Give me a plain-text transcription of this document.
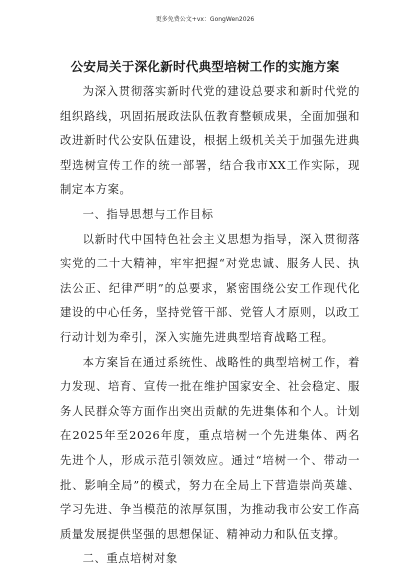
更多免费公文+vx：GongWen2026
公安局关于深化新时代典型培树工作的实施方案

为深入贯彻落实新时代党的建设总要求和新时代党的组织路线，巩固拓展政法队伍教育整顿成果，全面加强和改进新时代公安队伍建设，根据上级机关关于加强先进典型选树宣传工作的统一部署，结合我市XX工作实际，现制定本方案。

一、指导思想与工作目标

以新时代中国特色社会主义思想为指导，深入贯彻落实党的二十大精神，牢牢把握“对党忠诚、服务人民、执法公正、纪律严明”的总要求，紧密围绕公安工作现代化建设的中心任务，坚持党管干部、党管人才原则，以政工行动计划为牵引，深入实施先进典型培育战略工程。

本方案旨在通过系统性、战略性的典型培树工作，着力发现、培育、宣传一批在维护国家安全、社会稳定、服务人民群众等方面作出突出贡献的先进集体和个人。计划在2025年至2026年度，重点培树一个先进集体、两名先进个人，形成示范引领效应。通过“培树一个、带动一批、影响全局”的模式，努力在全局上下营造崇尚英雄、学习先进、争当模范的浓厚氛围，为推动我市公安工作高质量发展提供坚强的思想保证、精神动力和队伍支撑。

二、重点培树对象
